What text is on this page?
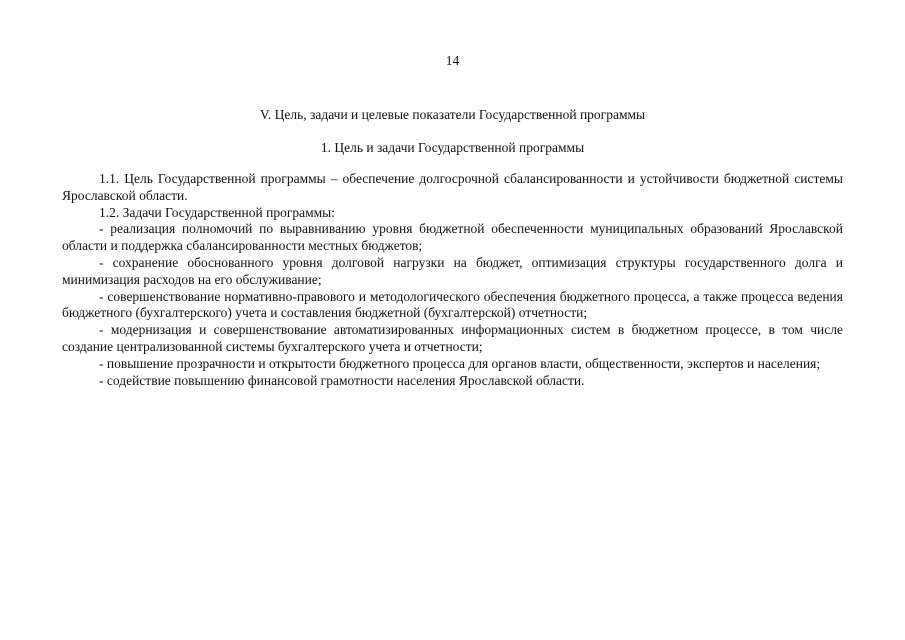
14
V. Цель, задачи и целевые показатели Государственной программы
1. Цель и задачи Государственной программы

1.1. Цель Государственной программы – обеспечение долгосрочной сбалансированности и устойчивости бюджетной системы Ярославской области.

1.2. Задачи Государственной программы:

- реализация полномочий по выравниванию уровня бюджетной обеспеченности муниципальных образований Ярославской области и поддержка сбалансированности местных бюджетов;

- сохранение обоснованного уровня долговой нагрузки на бюджет, оптимизация структуры государственного долга и минимизация расходов на его обслуживание;

- совершенствование нормативно-правового и методологического обеспечения бюджетного процесса, а также процесса ведения бюджетного (бухгалтерского) учета и составления бюджетной (бухгалтерской) отчетности;

- модернизация и совершенствование автоматизированных информационных систем в бюджетном процессе, в том числе создание централизованной системы бухгалтерского учета и отчетности;

- повышение прозрачности и открытости бюджетного процесса для органов власти, общественности, экспертов и населения;

- содействие повышению финансовой грамотности населения Ярославской области.
